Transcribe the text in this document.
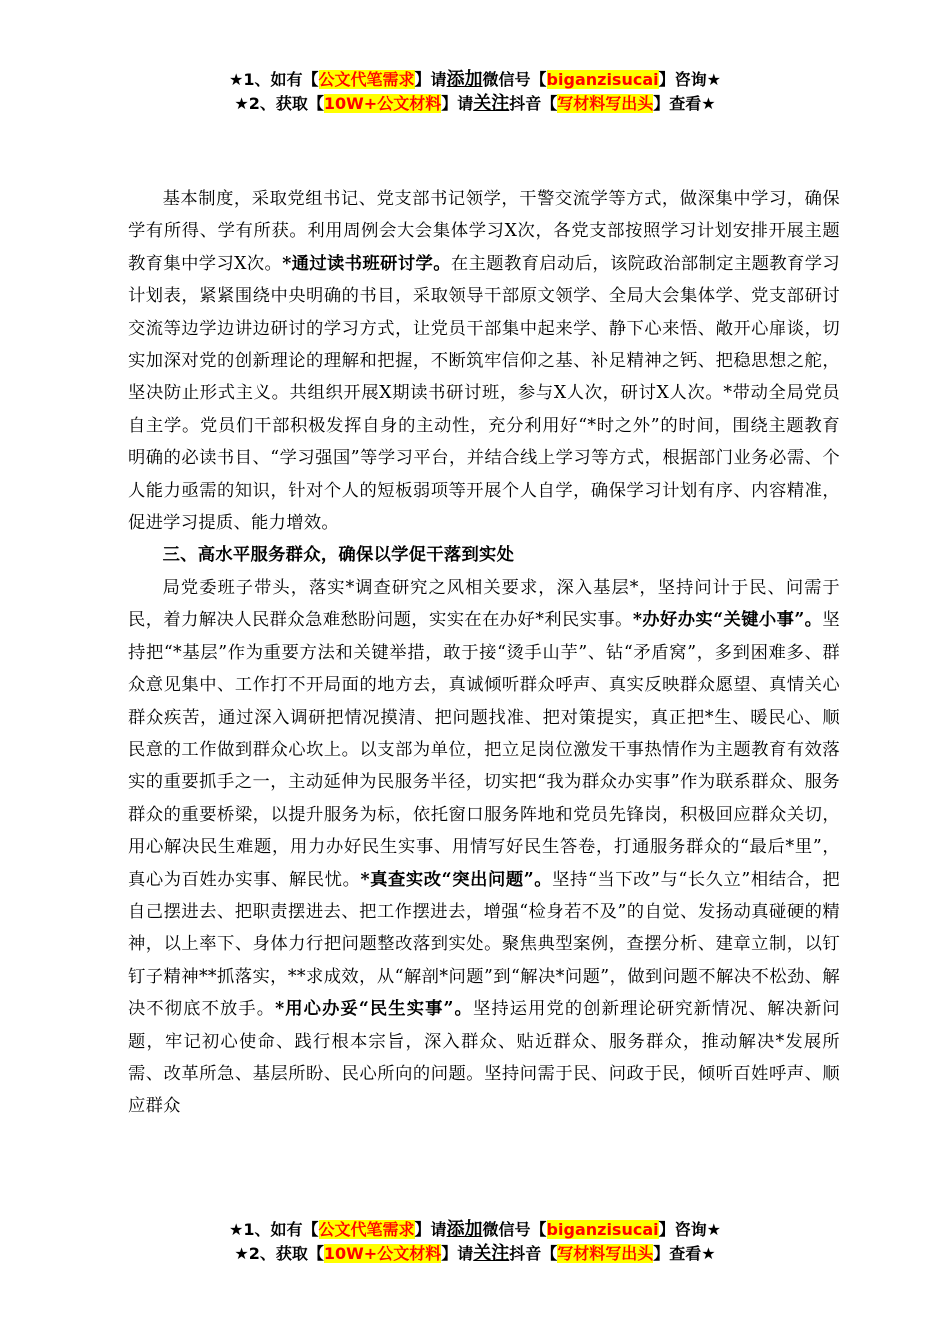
★1、如有【公文代笔需求】请添加微信号【biganzisucai】咨询★
★2、获取【10W+公文材料】请关注抖音【写材料写出头】查看★

基本制度，采取党组书记、党支部书记领学，干警交流学等方式，做深集中学习，确保学有所得、学有所获。利用周例会大会集体学习X次，各党支部按照学习计划安排开展主题教育集中学习X次。*通过读书班研讨学。在主题教育启动后，该院政治部制定主题教育学习计划表，紧紧围绕中央明确的书目，采取领导干部原文领学、全局大会集体学、党支部研讨交流等边学边讲边研讨的学习方式，让党员干部集中起来学、静下心来悟、敞开心扉谈，切实加深对党的创新理论的理解和把握，不断筑牢信仰之基、补足精神之钙、把稳思想之舵，坚决防止形式主义。共组织开展X期读书研讨班，参与X人次，研讨X人次。*带动全局党员自主学。党员们干部积极发挥自身的主动性，充分利用好“*时之外”的时间，围绕主题教育明确的必读书目、“学习强国”等学习平台，并结合线上学习等方式，根据部门业务必需、个人能力亟需的知识，针对个人的短板弱项等开展个人自学，确保学习计划有序、内容精准，促进学习提质、能力增效。

三、高水平服务群众，确保以学促干落到实处

局党委班子带头，落实*调查研究之风相关要求，深入基层*，坚持问计于民、问需于民，着力解决人民群众急难愁盼问题，实实在在办好*利民实事。*办好办实“关键小事”。坚持把“*基层”作为重要方法和关键举措，敢于接“烫手山芋”、钻“矛盾窝”，多到困难多、群众意见集中、工作打不开局面的地方去，真诚倾听群众呼声、真实反映群众愿望、真情关心群众疾苦，通过深入调研把情况摸清、把问题找准、把对策提实，真正把*生、暖民心、顺民意的工作做到群众心坎上。以支部为单位，把立足岗位激发干事热情作为主题教育有效落实的重要抓手之一，主动延伸为民服务半径，切实把“我为群众办实事”作为联系群众、服务群众的重要桥梁，以提升服务为标，依托窗口服务阵地和党员先锋岗，积极回应群众关切，用心解决民生难题，用力办好民生实事、用情写好民生答卷，打通服务群众的“最后*里”，真心为百姓办实事、解民忧。*真查实改“突出问题”。坚持“当下改”与“长久立”相结合，把自己摆进去、把职责摆进去、把工作摆进去，增强“检身若不及”的自觉、发扬动真碰硬的精神，以上率下、身体力行把问题整改落到实处。聚焦典型案例，查摆分析、建章立制，以钉钉子精神**抓落实，**求成效，从“解剖*问题”到“解决*问题”，做到问题不解决不松劲、解决不彻底不放手。*用心办妥“民生实事”。坚持运用党的创新理论研究新情况、解决新问题，牢记初心使命、践行根本宗旨，深入群众、贴近群众、服务群众，推动解决*发展所需、改革所急、基层所盼、民心所向的问题。坚持问需于民、问政于民，倾听百姓呼声、顺应群众

★1、如有【公文代笔需求】请添加微信号【biganzisucai】咨询★
★2、获取【10W+公文材料】请关注抖音【写材料写出头】查看★
